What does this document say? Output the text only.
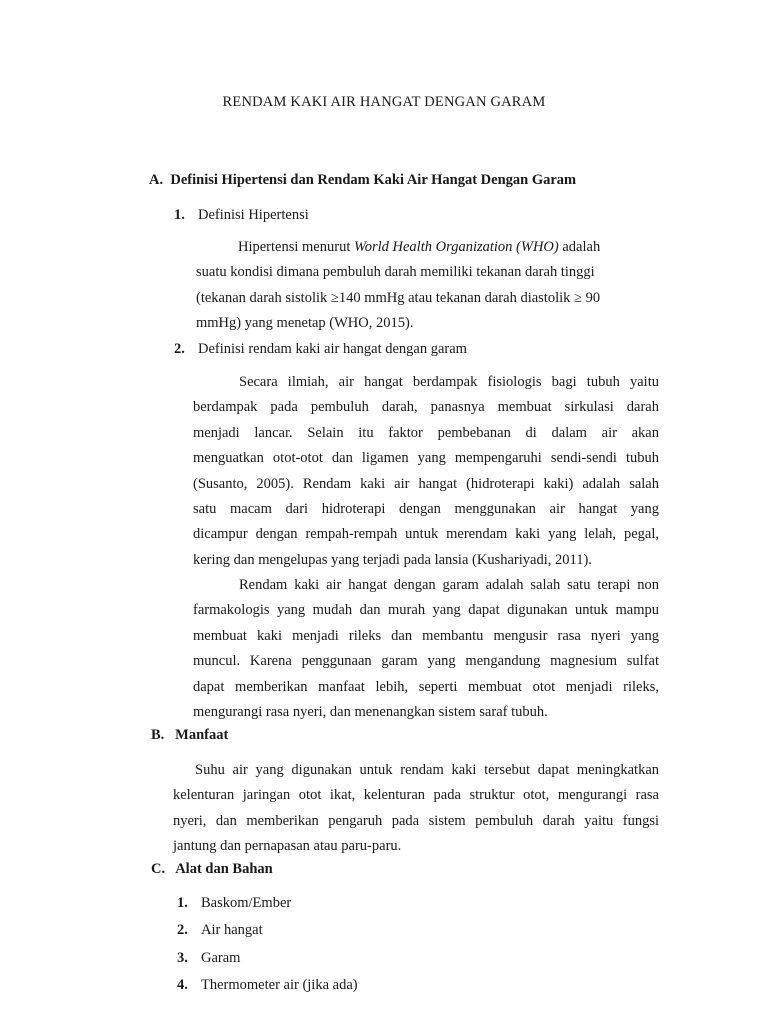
RENDAM KAKI AIR HANGAT DENGAN GARAM
A. Definisi Hipertensi dan Rendam Kaki Air Hangat Dengan Garam
1. Definisi Hipertensi
Hipertensi menurut World Health Organization (WHO) adalah
suatu kondisi dimana pembuluh darah memiliki tekanan darah tinggi
(tekanan darah sistolik ≥140 mmHg atau tekanan darah diastolik ≥ 90
mmHg) yang menetap (WHO, 2015).
2. Definisi rendam kaki air hangat dengan garam
Secara ilmiah, air hangat berdampak fisiologis bagi tubuh yaitu
berdampak pada pembuluh darah, panasnya membuat sirkulasi darah
menjadi lancar. Selain itu faktor pembebanan di dalam air akan
menguatkan otot-otot dan ligamen yang mempengaruhi sendi-sendi tubuh
(Susanto, 2005). Rendam kaki air hangat (hidroterapi kaki) adalah salah
satu macam dari hidroterapi dengan menggunakan air hangat yang
dicampur dengan rempah-rempah untuk merendam kaki yang lelah, pegal,
kering dan mengelupas yang terjadi pada lansia (Kushariyadi, 2011).
Rendam kaki air hangat dengan garam adalah salah satu terapi non
farmakologis yang mudah dan murah yang dapat digunakan untuk mampu
membuat kaki menjadi rileks dan membantu mengusir rasa nyeri yang
muncul. Karena penggunaan garam yang mengandung magnesium sulfat
dapat memberikan manfaat lebih, seperti membuat otot menjadi rileks,
mengurangi rasa nyeri, dan menenangkan sistem saraf tubuh.
B. Manfaat
Suhu air yang digunakan untuk rendam kaki tersebut dapat meningkatkan
kelenturan jaringan otot ikat, kelenturan pada struktur otot, mengurangi rasa
nyeri, dan memberikan pengaruh pada sistem pembuluh darah yaitu fungsi
jantung dan pernapasan atau paru-paru.
C. Alat dan Bahan
1. Baskom/Ember
2. Air hangat
3. Garam
4. Thermometer air (jika ada)
